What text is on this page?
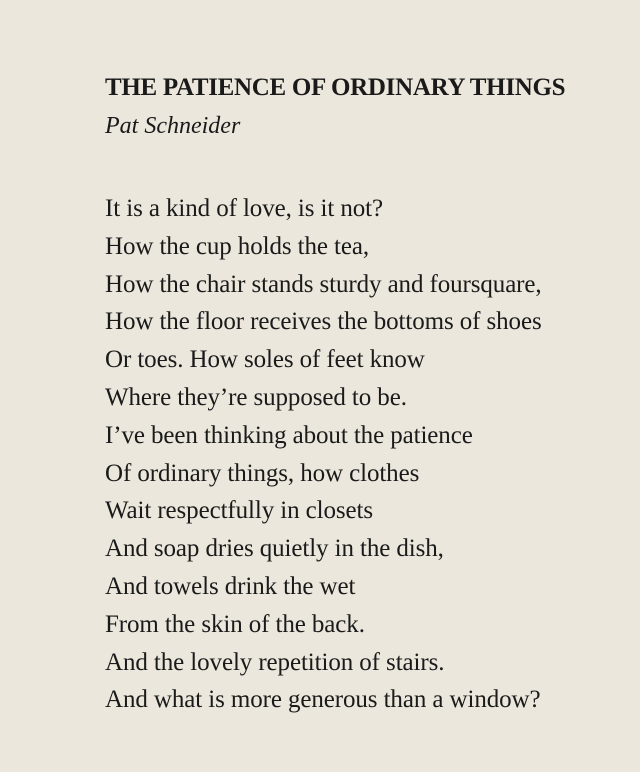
THE PATIENCE OF ORDINARY THINGS

Pat Schneider

It is a kind of love, is it not?
How the cup holds the tea,
How the chair stands sturdy and foursquare,
How the floor receives the bottoms of shoes
Or toes. How soles of feet know
Where they’re supposed to be.
I’ve been thinking about the patience
Of ordinary things, how clothes
Wait respectfully in closets
And soap dries quietly in the dish,
And towels drink the wet
From the skin of the back.
And the lovely repetition of stairs.
And what is more generous than a window?
